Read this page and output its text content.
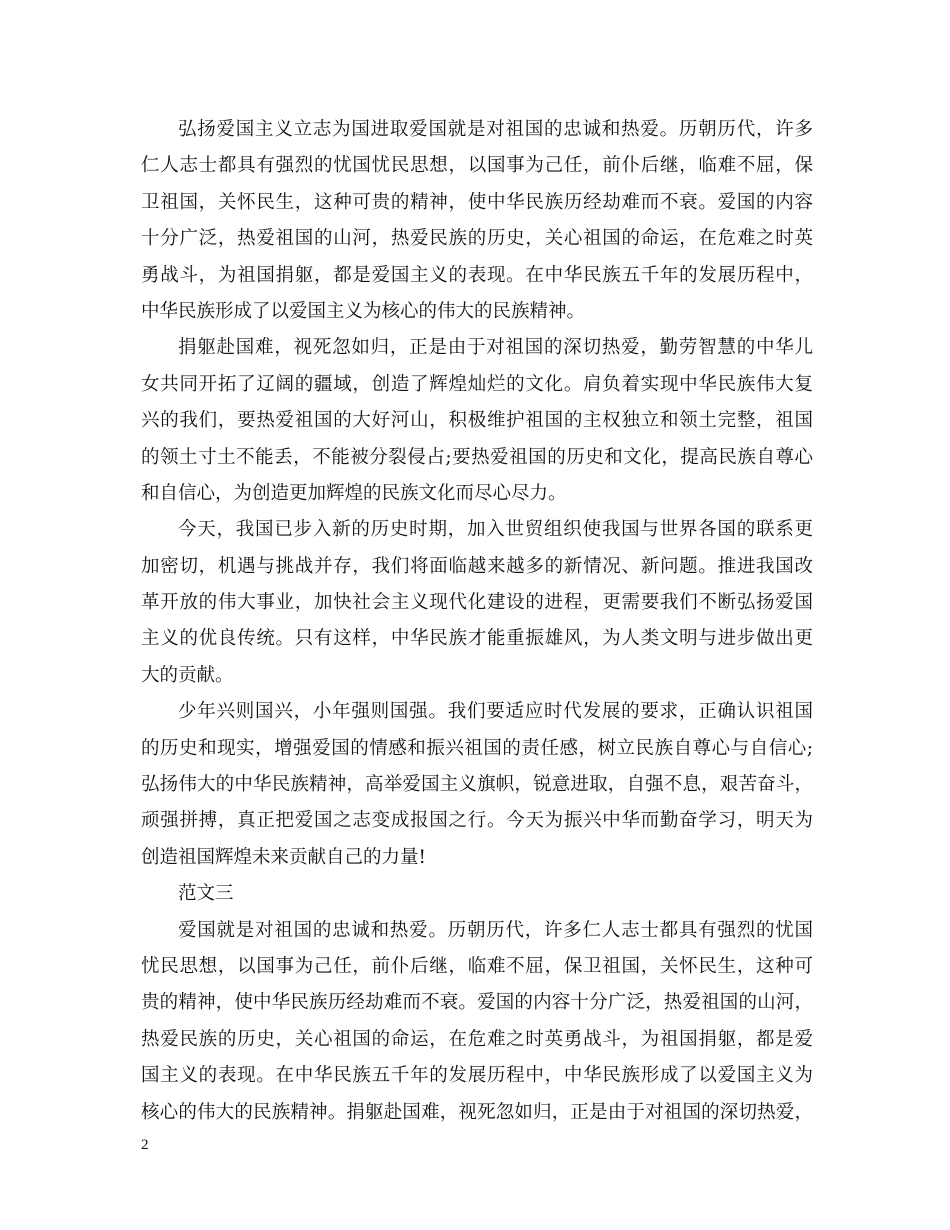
弘扬爱国主义立志为国进取爱国就是对祖国的忠诚和热爱。历朝历代，许多
仁人志士都具有强烈的忧国忧民思想，以国事为己任，前仆后继，临难不屈，保
卫祖国，关怀民生，这种可贵的精神，使中华民族历经劫难而不衰。爱国的内容
十分广泛，热爱祖国的山河，热爱民族的历史，关心祖国的命运，在危难之时英
勇战斗，为祖国捐躯，都是爱国主义的表现。在中华民族五千年的发展历程中，
中华民族形成了以爱国主义为核心的伟大的民族精神。
捐躯赴国难，视死忽如归，正是由于对祖国的深切热爱，勤劳智慧的中华儿
女共同开拓了辽阔的疆域，创造了辉煌灿烂的文化。肩负着实现中华民族伟大复
兴的我们，要热爱祖国的大好河山，积极维护祖国的主权独立和领土完整，祖国
的领土寸土不能丢，不能被分裂侵占;要热爱祖国的历史和文化，提高民族自尊心
和自信心，为创造更加辉煌的民族文化而尽心尽力。
今天，我国已步入新的历史时期，加入世贸组织使我国与世界各国的联系更
加密切，机遇与挑战并存，我们将面临越来越多的新情况、新问题。推进我国改
革开放的伟大事业，加快社会主义现代化建设的进程，更需要我们不断弘扬爱国
主义的优良传统。只有这样，中华民族才能重振雄风，为人类文明与进步做出更
大的贡献。
少年兴则国兴，小年强则国强。我们要适应时代发展的要求，正确认识祖国
的历史和现实，增强爱国的情感和振兴祖国的责任感，树立民族自尊心与自信心;
弘扬伟大的中华民族精神，高举爱国主义旗帜，锐意进取，自强不息，艰苦奋斗，
顽强拼搏，真正把爱国之志变成报国之行。今天为振兴中华而勤奋学习，明天为
创造祖国辉煌未来贡献自己的力量!
范文三
爱国就是对祖国的忠诚和热爱。历朝历代，许多仁人志士都具有强烈的忧国
忧民思想，以国事为己任，前仆后继，临难不屈，保卫祖国，关怀民生，这种可
贵的精神，使中华民族历经劫难而不衰。爱国的内容十分广泛，热爱祖国的山河，
热爱民族的历史，关心祖国的命运，在危难之时英勇战斗，为祖国捐躯，都是爱
国主义的表现。在中华民族五千年的发展历程中，中华民族形成了以爱国主义为
核心的伟大的民族精神。捐躯赴国难，视死忽如归，正是由于对祖国的深切热爱，
2
